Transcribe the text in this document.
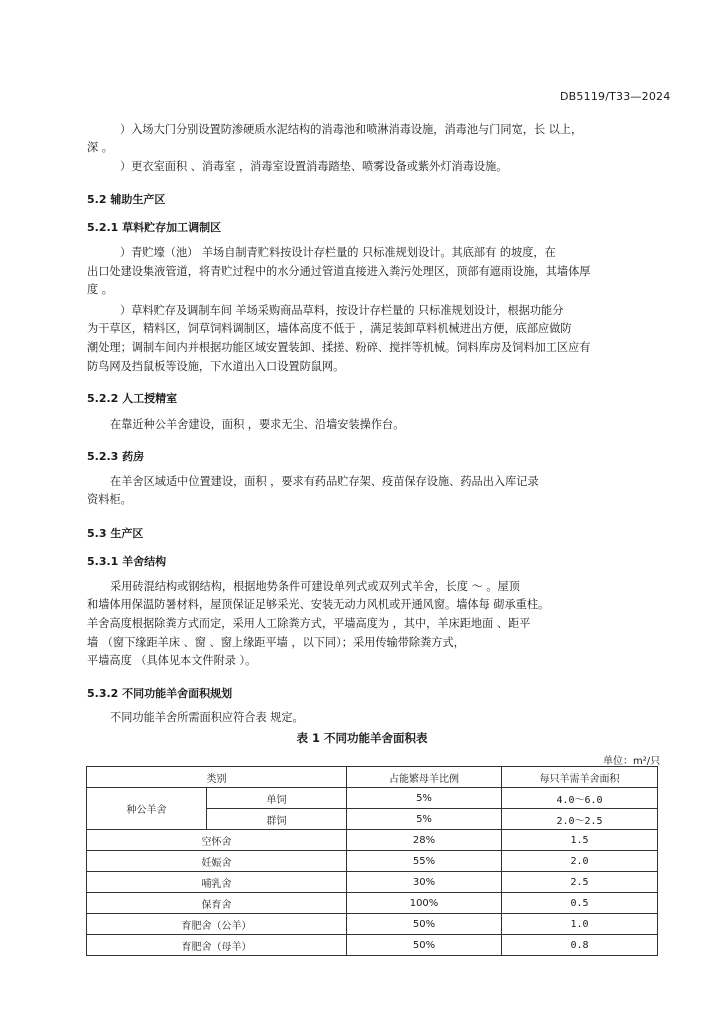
DB5119/T33—2024
）入场大门分别设置防渗硬质水泥结构的消毒池和喷淋消毒设施，消毒池与门同宽，长 以上，
深 。
）更衣室面积 、消毒室 ，消毒室设置消毒踏垫、喷雾设备或紫外灯消毒设施。
5.2 辅助生产区
5.2.1 草料贮存加工调制区
）青贮壕（池） 羊场自制青贮料按设计存栏量的 只标准规划设计。其底部有 的坡度，在
出口处建设集液管道，将青贮过程中的水分通过管道直接进入粪污处理区，顶部有遮雨设施，其墙体厚
度 。
）草料贮存及调制车间 羊场采购商品草料，按设计存栏量的 只标准规划设计，根据功能分
为干草区，精料区，饲草饲料调制区，墙体高度不低于 ，满足装卸草料机械进出方便，底部应做防
潮处理；调制车间内并根据功能区域安置装卸、揉搓、粉碎、搅拌等机械。饲料库房及饲料加工区应有
防鸟网及挡鼠板等设施，下水道出入口设置防鼠网。
5.2.2 人工授精室
在靠近种公羊舍建设，面积 ，要求无尘、沿墙安装操作台。
5.2.3 药房
在羊舍区域适中位置建设，面积 ，要求有药品贮存架、疫苗保存设施、药品出入库记录
资料柜。
5.3 生产区
5.3.1 羊舍结构
采用砖混结构或钢结构，根据地势条件可建设单列式或双列式羊舍，长度 ～ 。屋顶
和墙体用保温防暑材料，屋顶保证足够采光、安装无动力风机或开通风窗。墙体每 砌承重柱。
羊舍高度根据除粪方式而定，采用人工除粪方式，平墙高度为 ，其中，羊床距地面 、距平
墙 （窗下缘距羊床 、窗 、窗上缘距平墙 ，以下同）；采用传输带除粪方式，
平墙高度 （具体见本文件附录 ）。
5.3.2 不同功能羊舍面积规划
不同功能羊舍所需面积应符合表 规定。
表 1 不同功能羊舍面积表
单位：m²/只
类别		占能繁母羊比例	每只羊需羊舍面积
种公羊舍	单饲	5%	4.0～6.0
	群饲	5%	2.0～2.5
空怀舍		28%	1.5
妊娠舍		55%	2.0
哺乳舍		30%	2.5
保育舍		100%	0.5
育肥舍（公羊）		50%	1.0
育肥舍（母羊）		50%	0.8
